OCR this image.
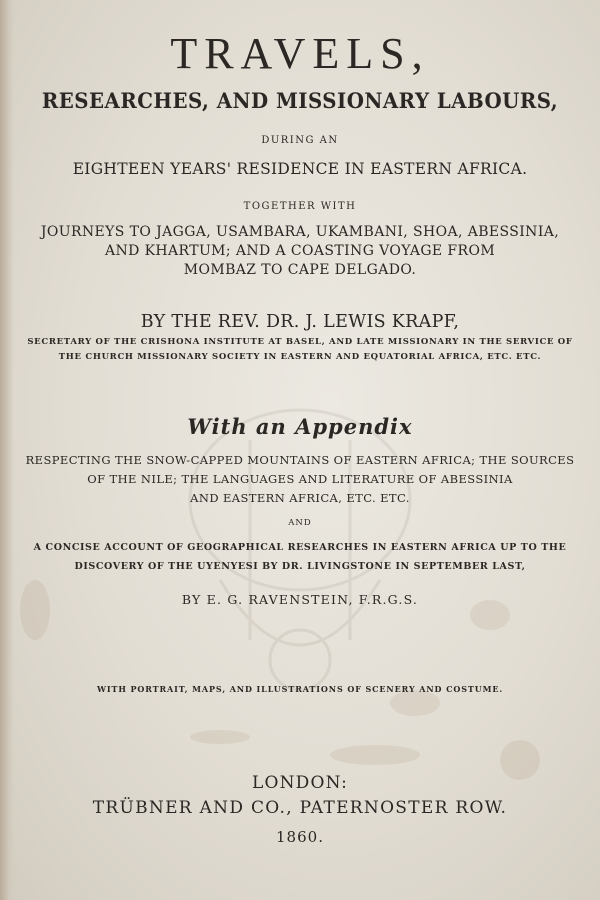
TRAVELS,
RESEARCHES, AND MISSIONARY LABOURS,
DURING AN
EIGHTEEN YEARS' RESIDENCE IN EASTERN AFRICA.
TOGETHER WITH
JOURNEYS TO JAGGA, USAMBARA, UKAMBANI, SHOA, ABESSINIA,
AND KHARTUM; AND A COASTING VOYAGE FROM
MOMBAZ TO CAPE DELGADO.
BY THE REV. DR. J. LEWIS KRAPF,
SECRETARY OF THE CRISHONA INSTITUTE AT BASEL, AND LATE MISSIONARY IN THE SERVICE OF
THE CHURCH MISSIONARY SOCIETY IN EASTERN AND EQUATORIAL AFRICA, ETC. ETC.
With an Appendix
RESPECTING THE SNOW-CAPPED MOUNTAINS OF EASTERN AFRICA; THE SOURCES
OF THE NILE; THE LANGUAGES AND LITERATURE OF ABESSINIA
AND EASTERN AFRICA, ETC. ETC.
AND
A CONCISE ACCOUNT OF GEOGRAPHICAL RESEARCHES IN EASTERN AFRICA UP TO THE
DISCOVERY OF THE UYENYESI BY DR. LIVINGSTONE IN SEPTEMBER LAST,
BY E. G. RAVENSTEIN, F.R.G.S.
WITH PORTRAIT, MAPS, AND ILLUSTRATIONS OF SCENERY AND COSTUME.
LONDON:
TRÜBNER AND CO., PATERNOSTER ROW.
1860.
